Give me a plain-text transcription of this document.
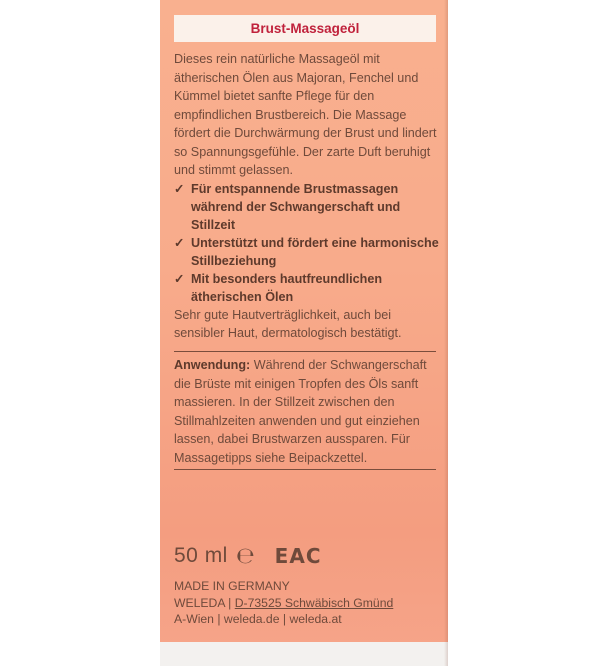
Brust-Massageöl

Dieses rein natürliche Massageöl mit ätherischen Ölen aus Majoran, Fenchel und Kümmel bietet sanfte Pflege für den empfindlichen Brustbereich. Die Massage fördert die Durchwärmung der Brust und lindert so Spannungsgefühle. Der zarte Duft beruhigt und stimmt gelassen.

✓ Für entspannende Brustmassagen während der Schwangerschaft und Stillzeit
✓ Unterstützt und fördert eine harmonische Stillbeziehung
✓ Mit besonders hautfreundlichen ätherischen Ölen

Sehr gute Hautverträglichkeit, auch bei sensibler Haut, dermatologisch bestätigt.

Anwendung: Während der Schwangerschaft die Brüste mit einigen Tropfen des Öls sanft massieren. In der Stillzeit zwischen den Stillmahlzeiten anwenden und gut einziehen lassen, dabei Brustwarzen aussparen. Für Massagetipps siehe Beipackzettel.

50 ml ℮ EAC
MADE IN GERMANY
WELEDA | D-73525 Schwäbisch Gmünd
A-Wien | weleda.de | weleda.at
